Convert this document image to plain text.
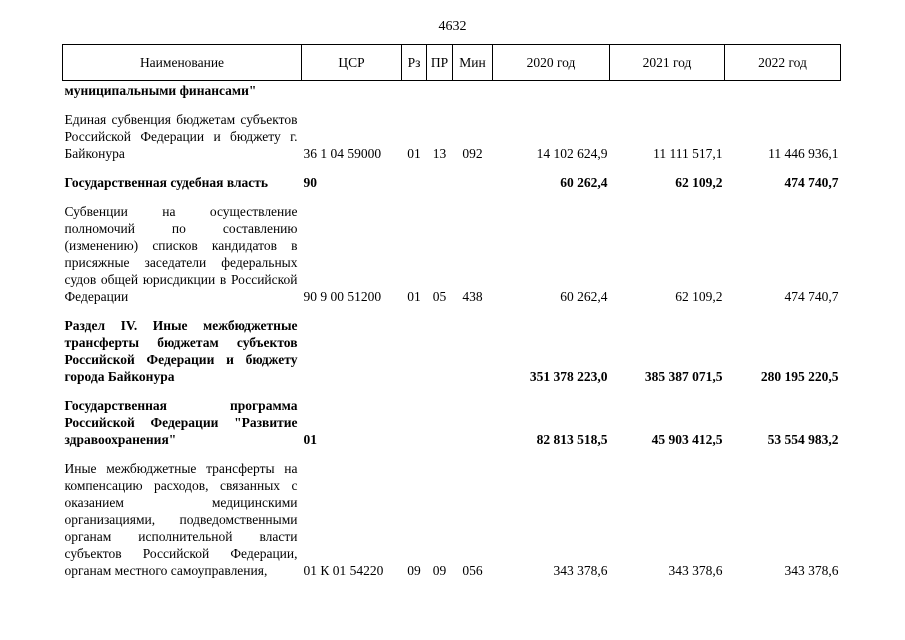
4632
Наименование	ЦСР	Рз	ПР	Мин	2020 год	2021 год	2022 год
муниципальными финансами"							

Единая субвенция бюджетам субъектов Российской Федерации и бюджету г. Байконура	36 1 04 59000	01	13	092	14 102 624,9	11 111 517,1	11 446 936,1

Государственная судебная власть	90				60 262,4	62 109,2	474 740,7

Субвенции на осуществление полномочий по составлению (изменению) списков кандидатов в присяжные заседатели федеральных судов общей юрисдикции в Российской Федерации	90 9 00 51200	01	05	438	60 262,4	62 109,2	474 740,7

Раздел IV. Иные межбюджетные трансферты бюджетам субъектов Российской Федерации и бюджету города Байконура					351 378 223,0	385 387 071,5	280 195 220,5

Государственная программа Российской Федерации "Развитие здравоохранения"	01				82 813 518,5	45 903 412,5	53 554 983,2

Иные межбюджетные трансферты на компенсацию расходов, связанных с оказанием медицинскими организациями, подведомственными органам исполнительной власти субъектов Российской Федерации, органам местного самоуправления,	01 К 01 54220	09	09	056	343 378,6	343 378,6	343 378,6
